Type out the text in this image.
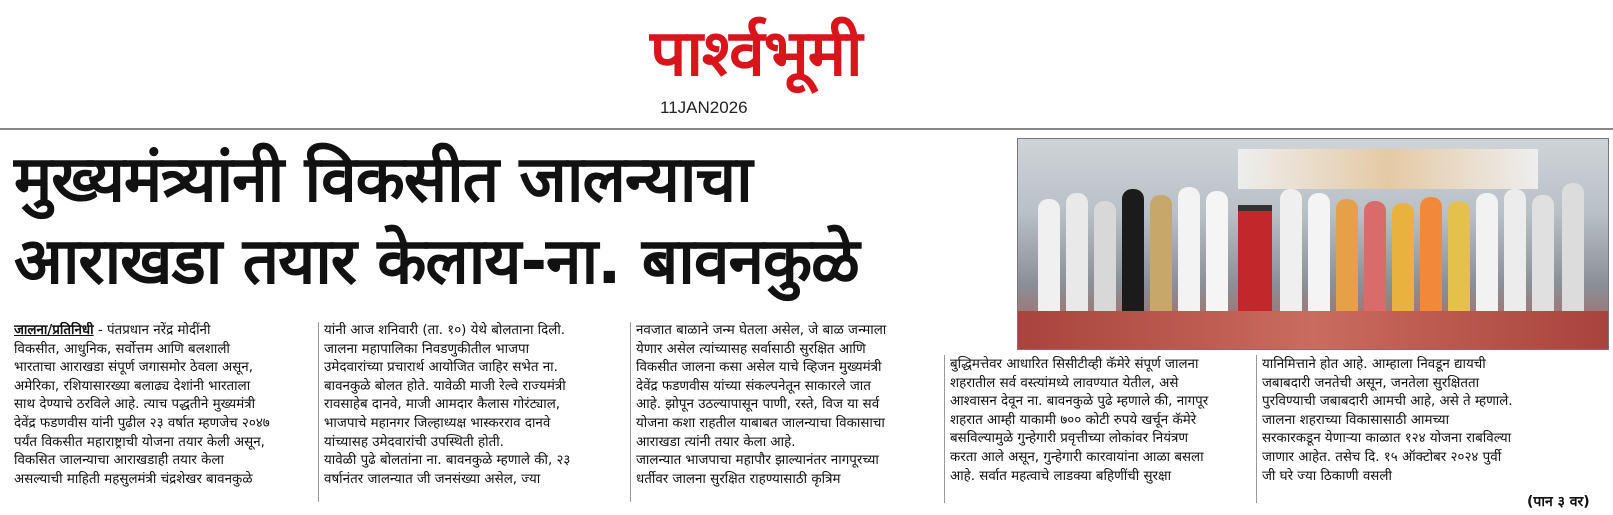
पार्श्वभूमी
11JAN2026
मुख्यमंत्र्यांनी विकसीत जालन्याचा
आराखडा तयार केलाय-ना. बावनकुळे

जालना/प्रतिनिधी - पंतप्रधान नरेंद्र मोदींनी

विकसीत, आधुनिक, सर्वोत्तम आणि बलशाली

भारताचा आराखडा संपूर्ण जगासमोर ठेवला असून,

अमेरिका, रशियासारख्या बलाढ्य देशांनी भारताला

साथ देण्याचे ठरविले आहे. त्याच पद्धतीने मुख्यमंत्री

देवेंद्र फडणवीस यांनी पुढील २३ वर्षात म्हणजेच २०४७

पर्यंत विकसीत महाराष्ट्राची योजना तयार केली असून,

विकसित जालन्याचा आराखडाही तयार केला

असल्याची माहिती महसुलमंत्री चंद्रशेखर बावनकुळे

यांनी आज शनिवारी (ता. १०) येथे बोलताना दिली.

जालना महापालिका निवडणुकीतील भाजपा

उमेदवारांच्या प्रचारार्थ आयोजित जाहिर सभेत ना.

बावनकुळे बोलत होते. यावेळी माजी रेल्वे राज्यमंत्री

रावसाहेब दानवे, माजी आमदार कैलास गोरंट्याल,

भाजपाचे महानगर जिल्हाध्यक्ष भास्करराव दानवे

यांच्यासह उमेदवारांची उपस्थिती होती.

यावेळी पुढे बोलतांना ना. बावनकुळे म्हणाले की, २३

वर्षानंतर जालन्यात जी जनसंख्या असेल, ज्या

नवजात बाळाने जन्म घेतला असेल, जे बाळ जन्माला

येणार असेल त्यांच्यासह सर्वासाठी सुरक्षित आणि

विकसीत जालना कसा असेल याचे व्हिजन मुख्यमंत्री

देवेंद्र फडणवीस यांच्या संकल्पनेतून साकारले जात

आहे. झोपून उठल्यापासून पाणी, रस्ते, विज या सर्व

योजना कशा राहतील याबाबत जालन्याचा विकासाचा

आराखडा त्यांनी तयार केला आहे.

जालन्यात भाजपाचा महापौर झाल्यानंतर नागपूरच्या

धर्तीवर जालना सुरक्षित राहण्यासाठी कृत्रिम

बुद्धिमत्तेवर आधारित सिसीटीव्ही कॅमेरे संपूर्ण जालना

शहरातील सर्व वस्त्यांमध्ये लावण्यात येतील, असे

आश्वासन देवून ना. बावनकुळे पुढे म्हणाले की, नागपूर

शहरात आम्ही याकामी ७०० कोटी रुपये खर्चून कॅमेरे

बसविल्यामुळे गुन्हेगारी प्रवृत्तीच्या लोकांवर नियंत्रण

करता आले असून, गुन्हेगारी कारवायांना आळा बसला

आहे. सर्वात महत्वाचे लाडक्या बहिणींची सुरक्षा

यानिमित्ताने होत आहे. आम्हाला निवडून द्यायची

जबाबदारी जनतेची असून, जनतेला सुरक्षितता

पुरविण्याची जबाबदारी आमची आहे, असे ते म्हणाले.

जालना शहराच्या विकासासाठी आमच्या

सरकारकडून येणाऱ्या काळात १२४ योजना राबविल्या

जाणार आहेत. तसेच दि. १५ ऑक्टोबर २०२४ पुर्वी

जी घरे ज्या ठिकाणी वसली

(पान ३ वर)
